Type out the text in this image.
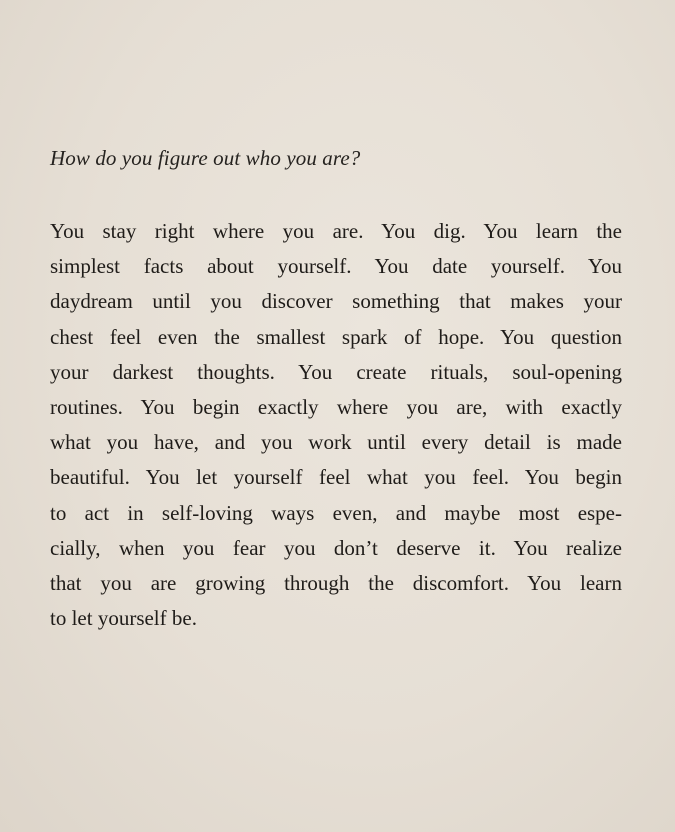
How do you figure out who you are?
You stay right where you are. You dig. You learn the
simplest facts about yourself. You date yourself. You
daydream until you discover something that makes your
chest feel even the smallest spark of hope. You question
your darkest thoughts. You create rituals, soul-opening
routines. You begin exactly where you are, with exactly
what you have, and you work until every detail is made
beautiful. You let yourself feel what you feel. You begin
to act in self-loving ways even, and maybe most espe-
cially, when you fear you don’t deserve it. You realize
that you are growing through the discomfort. You learn
to let yourself be.
